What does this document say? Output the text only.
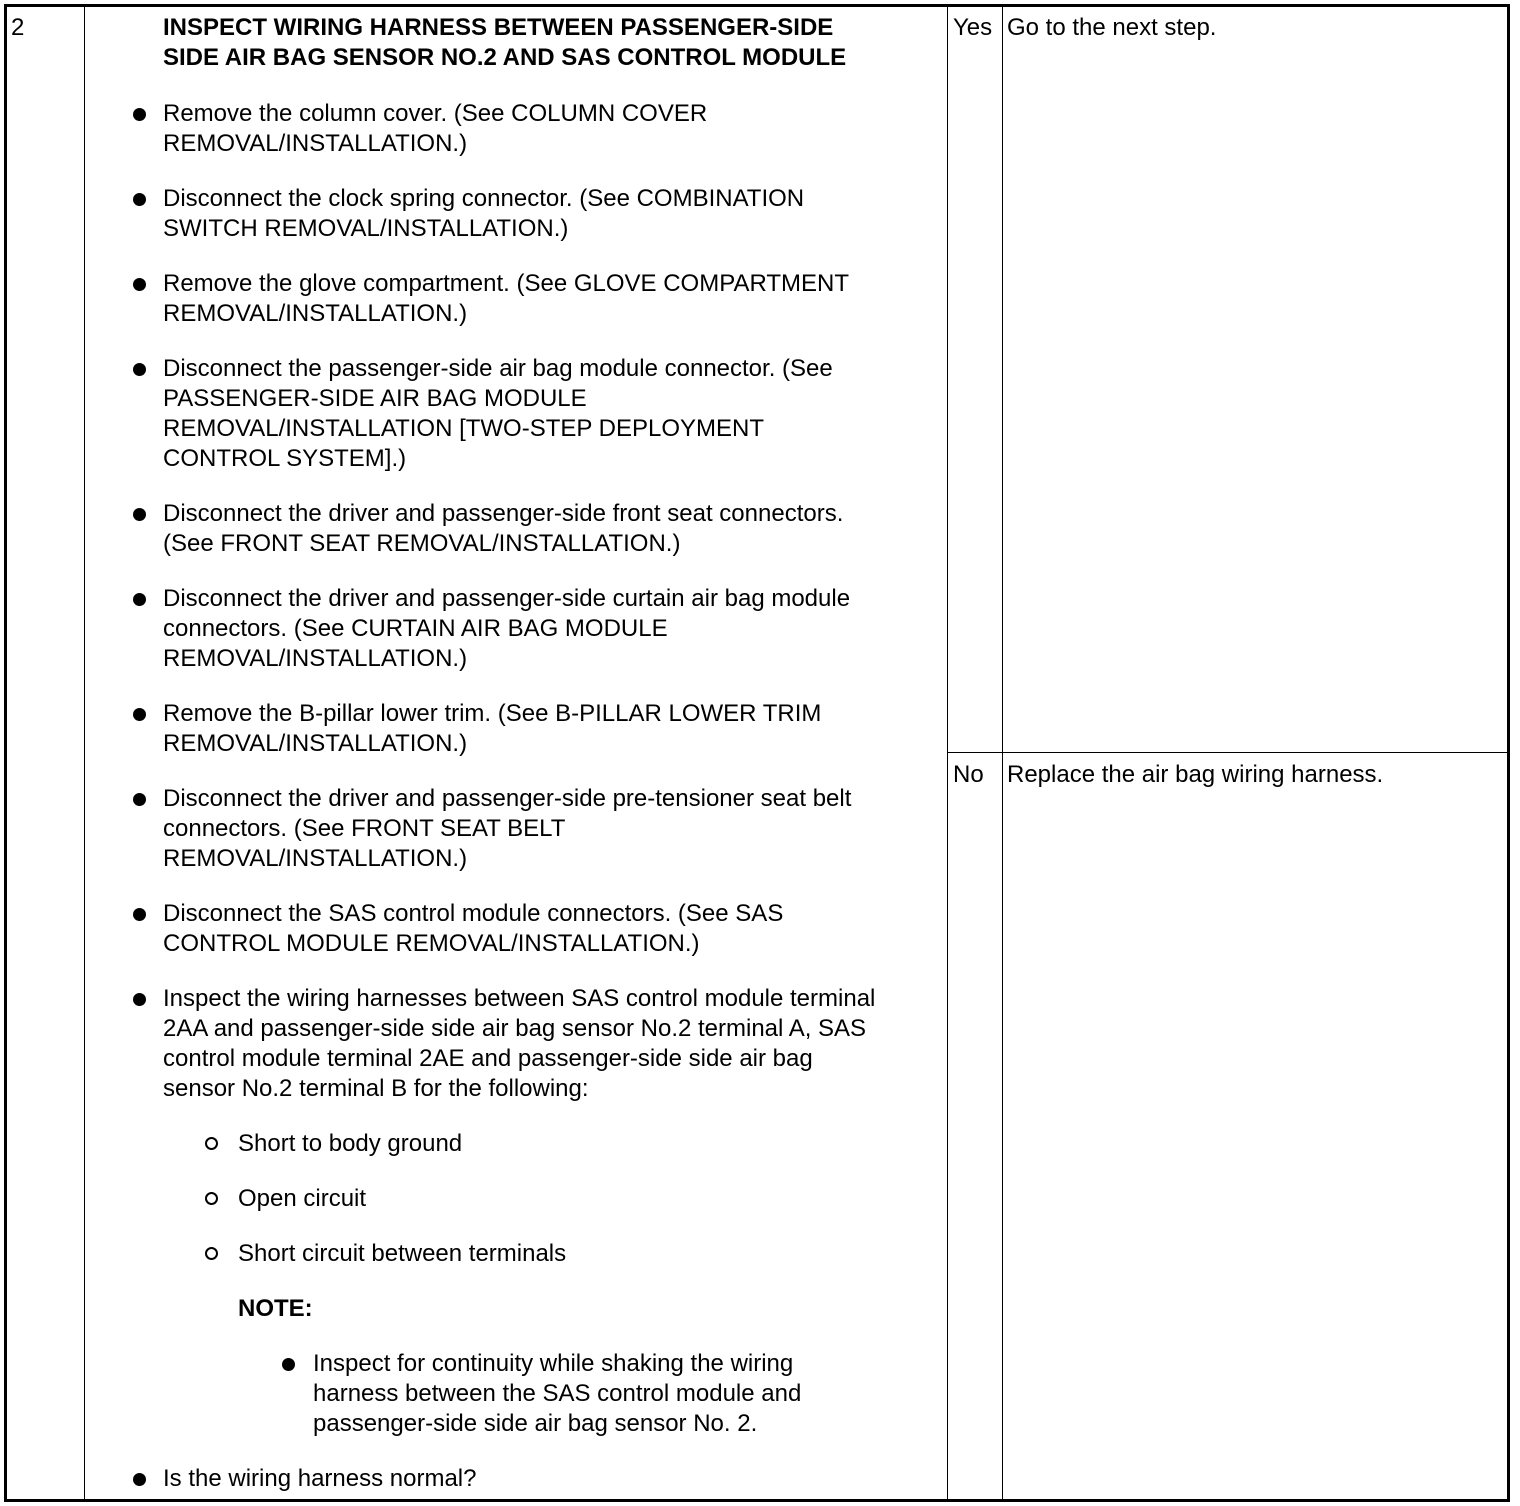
2	INSPECT WIRING HARNESS BETWEEN PASSENGER-SIDE
SIDE AIR BAG SENSOR NO.2 AND SAS CONTROL MODULE
Remove the column cover. (See COLUMN COVER
REMOVAL/INSTALLATION.)
Disconnect the clock spring connector. (See COMBINATION
SWITCH REMOVAL/INSTALLATION.)
Remove the glove compartment. (See GLOVE COMPARTMENT
REMOVAL/INSTALLATION.)
Disconnect the passenger-side air bag module connector. (See
PASSENGER-SIDE AIR BAG MODULE
REMOVAL/INSTALLATION [TWO-STEP DEPLOYMENT
CONTROL SYSTEM].)
Disconnect the driver and passenger-side front seat connectors.
(See FRONT SEAT REMOVAL/INSTALLATION.)
Disconnect the driver and passenger-side curtain air bag module
connectors. (See CURTAIN AIR BAG MODULE
REMOVAL/INSTALLATION.)
Remove the B-pillar lower trim. (See B-PILLAR LOWER TRIM
REMOVAL/INSTALLATION.)
Disconnect the driver and passenger-side pre-tensioner seat belt
connectors. (See FRONT SEAT BELT
REMOVAL/INSTALLATION.)
Disconnect the SAS control module connectors. (See SAS
CONTROL MODULE REMOVAL/INSTALLATION.)
Inspect the wiring harnesses between SAS control module terminal
2AA and passenger-side side air bag sensor No.2 terminal A, SAS
control module terminal 2AE and passenger-side side air bag
sensor No.2 terminal B for the following:
Short to body ground
Open circuit
Short circuit between terminals
NOTE:
Inspect for continuity while shaking the wiring
harness between the SAS control module and
passenger-side side air bag sensor No. 2.
Is the wiring harness normal?
Yes Go to the next step.
No Replace the air bag wiring harness.
